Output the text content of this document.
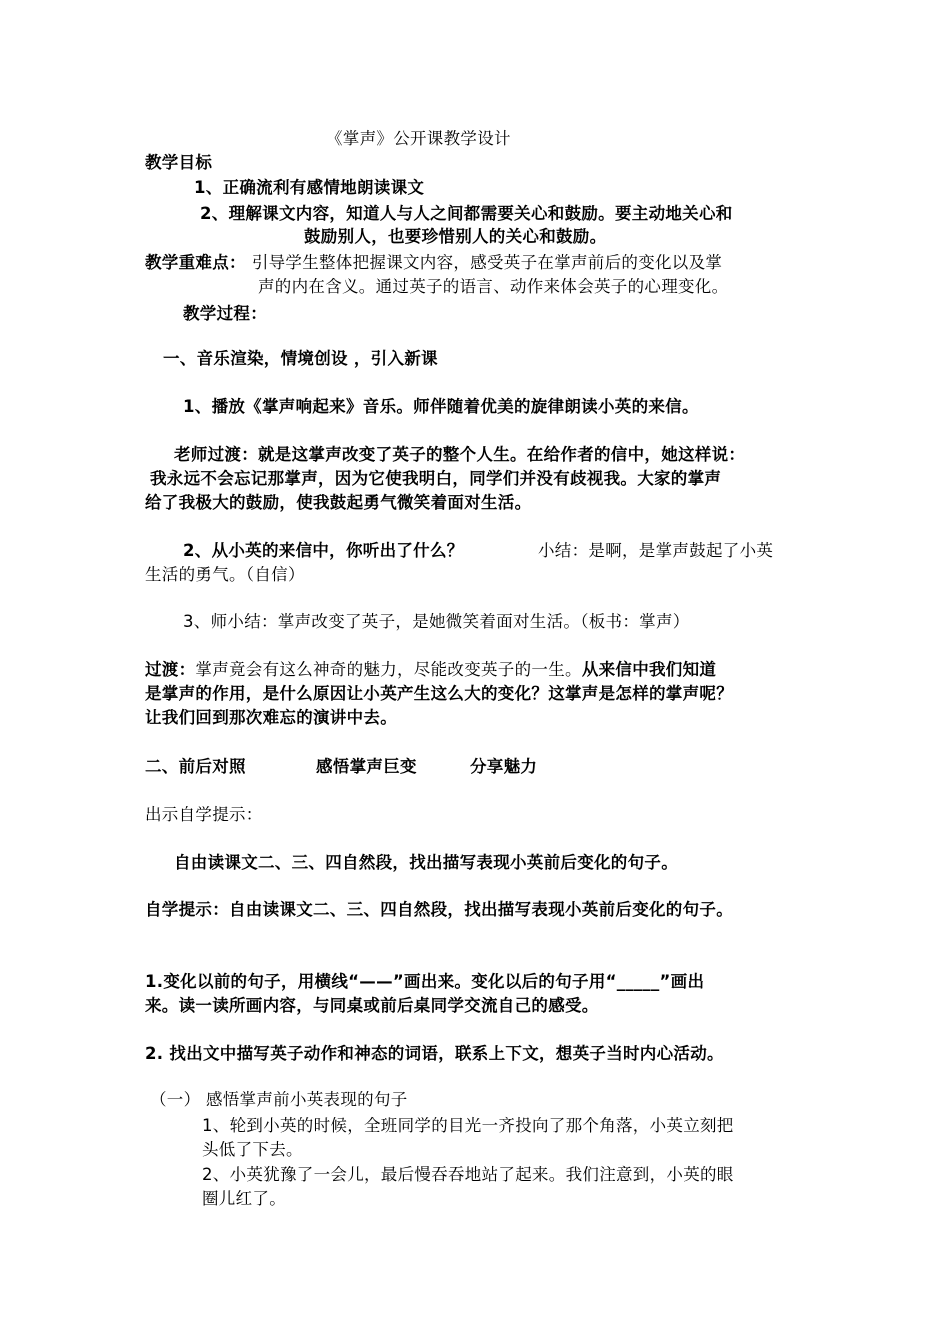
《掌声》公开课教学设计
教学目标
1、正确流利有感情地朗读课文
2、理解课文内容，知道人与人之间都需要关心和鼓励。要主动地关心和
鼓励别人，也要珍惜别人的关心和鼓励。
教学重难点： 引导学生整体把握课文内容，感受英子在掌声前后的变化以及掌
声的内在含义。通过英子的语言、动作来体会英子的心理变化。
教学过程：
一、音乐渲染，情境创设 ，引入新课
1、播放《掌声响起来》音乐。师伴随着优美的旋律朗读小英的来信。
老师过渡：就是这掌声改变了英子的整个人生。在给作者的信中，她这样说：
我永远不会忘记那掌声，因为它使我明白，同学们并没有歧视我。大家的掌声
给了我极大的鼓励，使我鼓起勇气微笑着面对生活。
2、从小英的来信中，你听出了什么？	小结：是啊，是掌声鼓起了小英
生活的勇气。（自信）
3、师小结：掌声改变了英子，是她微笑着面对生活。（板书：掌声）
过渡：掌声竟会有这么神奇的魅力，尽能改变英子的一生。从来信中我们知道
是掌声的作用，是什么原因让小英产生这么大的变化？这掌声是怎样的掌声呢？
让我们回到那次难忘的演讲中去。
二、前后对照	感悟掌声巨变	分享魅力
出示自学提示：
自由读课文二、三、四自然段，找出描写表现小英前后变化的句子。
自学提示：自由读课文二、三、四自然段，找出描写表现小英前后变化的句子。
1.变化以前的句子，用横线“——”画出来。变化以后的句子用“_____”画出
来。读一读所画内容，与同桌或前后桌同学交流自己的感受。
2. 找出文中描写英子动作和神态的词语，联系上下文，想英子当时内心活动。
（一） 感悟掌声前小英表现的句子
1、轮到小英的时候，全班同学的目光一齐投向了那个角落，小英立刻把
头低了下去。
2、小英犹豫了一会儿，最后慢吞吞地站了起来。我们注意到，小英的眼
圈儿红了。
